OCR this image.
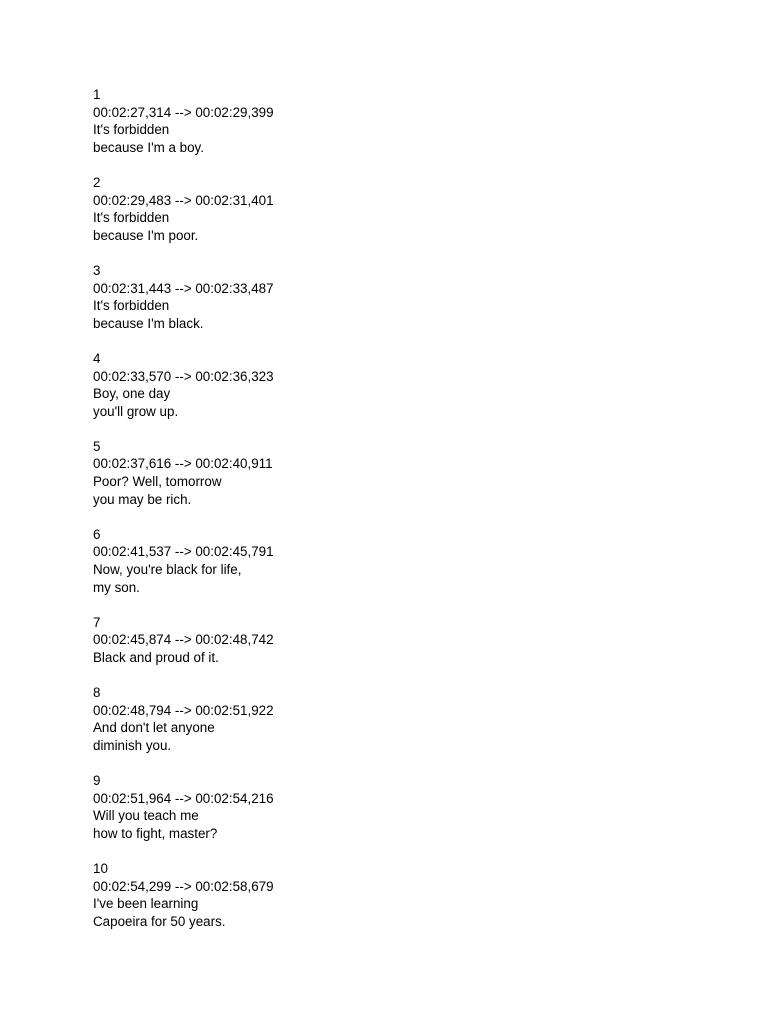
1
00:02:27,314 --> 00:02:29,399
It's forbidden
because I'm a boy.
2
00:02:29,483 --> 00:02:31,401
It's forbidden
because I'm poor.
3
00:02:31,443 --> 00:02:33,487
It's forbidden
because I'm black.
4
00:02:33,570 --> 00:02:36,323
Boy, one day
you'll grow up.
5
00:02:37,616 --> 00:02:40,911
Poor? Well, tomorrow
you may be rich.
6
00:02:41,537 --> 00:02:45,791
Now, you're black for life,
my son.
7
00:02:45,874 --> 00:02:48,742
Black and proud of it.
8
00:02:48,794 --> 00:02:51,922
And don't let anyone
diminish you.
9
00:02:51,964 --> 00:02:54,216
Will you teach me
how to fight, master?
10
00:02:54,299 --> 00:02:58,679
I've been learning
Capoeira for 50 years.
